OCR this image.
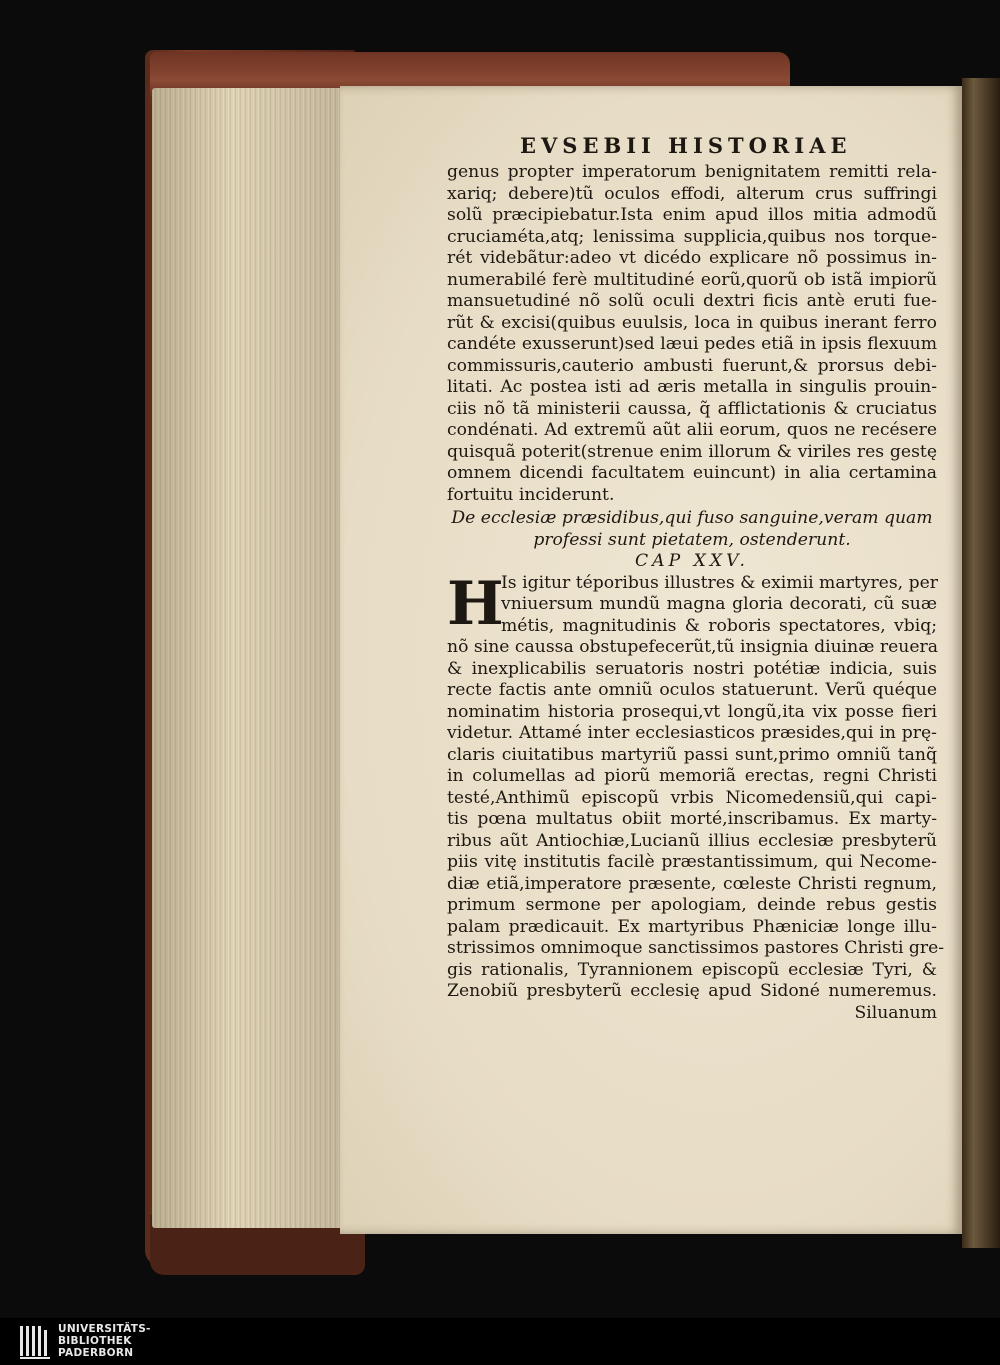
EVSEBII HISTORIAE
genus propter imperatorum benignitatem remitti rela-
xariq; debere)tũ oculos effodi, alterum crus suffringi
solũ præcipiebatur.Ista enim apud illos mitia admodũ
cruciaméta,atq; lenissima supplicia,quibus nos torque-
rét videbãtur:adeo vt dicédo explicare nõ possimus in-
numerabilé ferè multitudiné eorũ,quorũ ob istã impiorũ
mansuetudiné nõ solũ oculi dextri ficis antè eruti fue-
rũt & excisi(quibus euulsis, loca in quibus inerant ferro
candéte exusserunt)sed læui pedes etiã in ipsis flexuum
commissuris,cauterio ambusti fuerunt,& prorsus debi-
litati. Ac postea isti ad æris metalla in singulis prouin-
ciis nõ tã ministerii caussa, q̃ afflictationis & cruciatus
condénati. Ad extremũ aũt alii eorum, quos ne recésere
quisquã poterit(strenue enim illorum & viriles res gestę
omnem dicendi facultatem euincunt) in alia certamina
fortuitu inciderunt.
De ecclesiæ præsidibus,qui fuso sanguine,veram quam
professi sunt pietatem, ostenderunt.
CAP XXV.
H
Is igitur téporibus illustres & eximii martyres, per
vniuersum mundũ magna gloria decorati, cũ suæ
métis, magnitudinis & roboris spectatores, vbiq;
nõ sine caussa obstupefecerũt,tũ insignia diuinæ reuera
& inexplicabilis seruatoris nostri potétiæ indicia, suis
recte factis ante omniũ oculos statuerunt. Verũ quéque
nominatim historia prosequi,vt longũ,ita vix posse fieri
videtur. Attamé inter ecclesiasticos præsides,qui in prę-
claris ciuitatibus martyriũ passi sunt,primo omniũ tanq̃
in columellas ad piorũ memoriã erectas, regni Christi
testé,Anthimũ episcopũ vrbis Nicomedensiũ,qui capi-
tis pœna multatus obiit morté,inscribamus. Ex marty-
ribus aũt Antiochiæ,Lucianũ illius ecclesiæ presbyterũ
piis vitę institutis facilè præstantissimum, qui Necome-
diæ etiã,imperatore præsente, cœleste Christi regnum,
primum sermone per apologiam, deinde rebus gestis
palam prædicauit. Ex martyribus Phæniciæ longe illu-
strissimos omnimoque sanctissimos pastores Christi gre-
gis rationalis, Tyrannionem episcopũ ecclesiæ Tyri, &
Zenobiũ presbyterũ ecclesię apud Sidoné numeremus.
Siluanum
UNIVERSITÄTS-
BIBLIOTHEK
PADERBORN
